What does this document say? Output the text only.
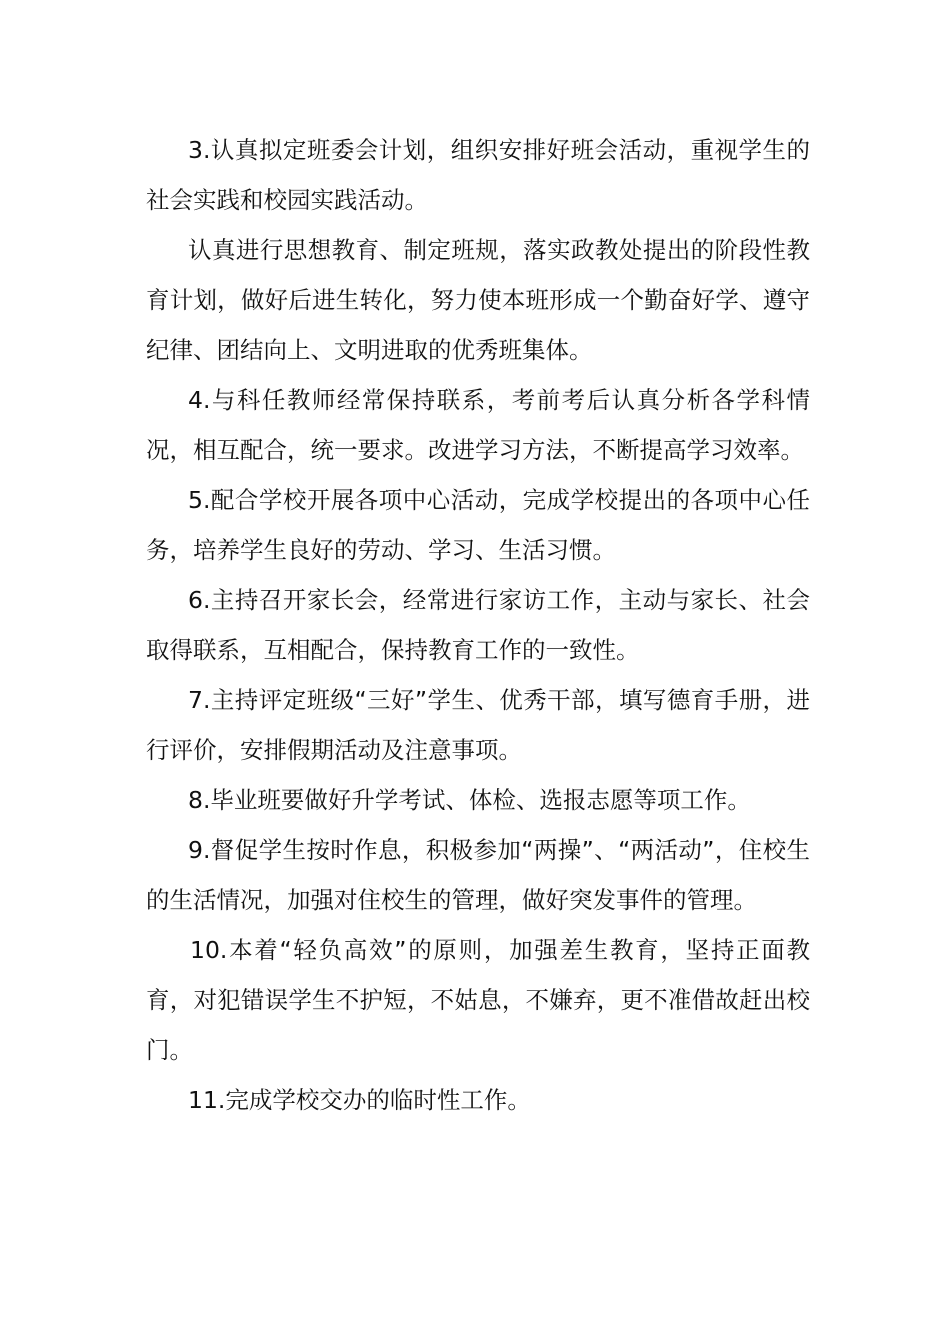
3.认真拟定班委会计划，组织安排好班会活动，重视学生的社会实践和校园实践活动。

认真进行思想教育、制定班规，落实政教处提出的阶段性教育计划，做好后进生转化，努力使本班形成一个勤奋好学、遵守纪律、团结向上、文明进取的优秀班集体。

4.与科任教师经常保持联系，考前考后认真分析各学科情况，相互配合，统一要求。改进学习方法，不断提高学习效率。

5.配合学校开展各项中心活动，完成学校提出的各项中心任务，培养学生良好的劳动、学习、生活习惯。

6.主持召开家长会，经常进行家访工作，主动与家长、社会取得联系，互相配合，保持教育工作的一致性。

7.主持评定班级“三好”学生、优秀干部，填写德育手册，进行评价，安排假期活动及注意事项。

8.毕业班要做好升学考试、体检、选报志愿等项工作。

9.督促学生按时作息，积极参加“两操”、“两活动”，住校生的生活情况，加强对住校生的管理，做好突发事件的管理。

10.本着“轻负高效”的原则，加强差生教育，坚持正面教育，对犯错误学生不护短，不姑息，不嫌弃，更不准借故赶出校门。

11.完成学校交办的临时性工作。
